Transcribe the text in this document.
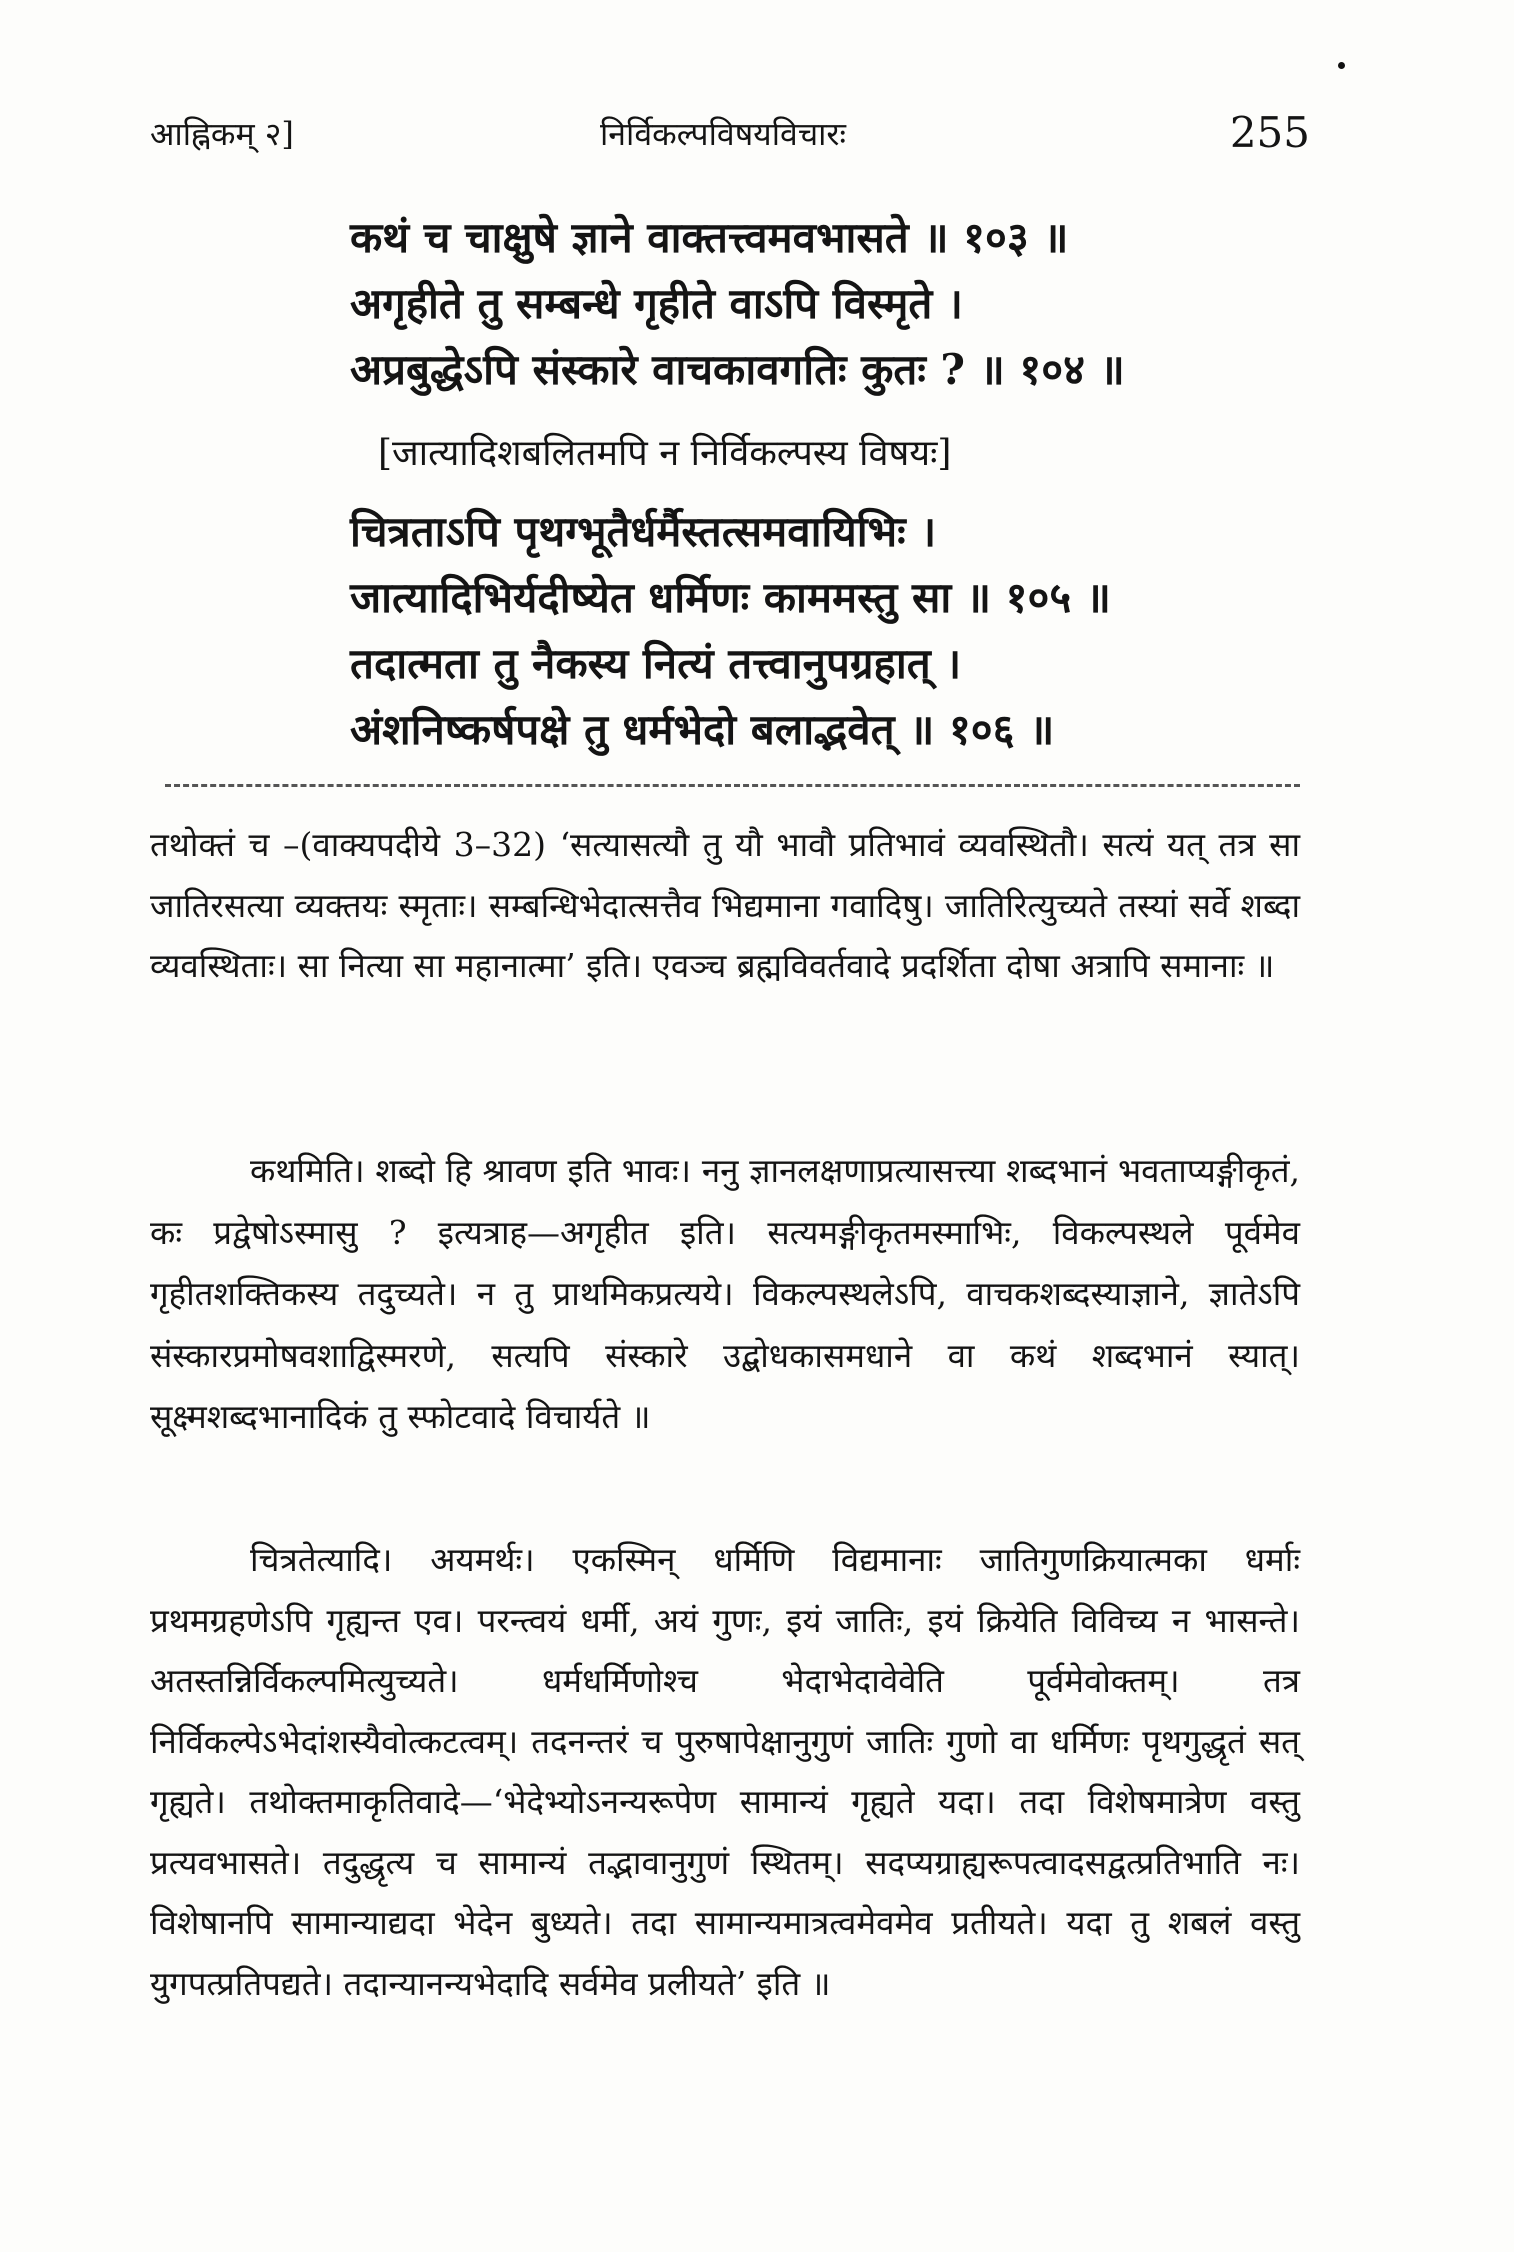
आह्निकम् २]	निर्विकल्पविषयविचारः	255
कथं च चाक्षुषे ज्ञाने वाक्तत्त्वमवभासते ॥ १०३ ॥
अगृहीते तु सम्बन्धे गृहीते वाऽपि विस्मृते ।
अप्रबुद्धेऽपि संस्कारे वाचकावगतिः कुतः ? ॥ १०४ ॥
[जात्यादिशबलितमपि न निर्विकल्पस्य विषयः]
चित्रताऽपि पृथग्भूतैर्धर्मैस्तत्समवायिभिः ।
जात्यादिभिर्यदीष्येत धर्मिणः काममस्तु सा ॥ १०५ ॥
तदात्मता तु नैकस्य नित्यं तत्त्वानुपग्रहात् ।
अंशनिष्कर्षपक्षे तु धर्मभेदो बलाद्भवेत् ॥ १०६ ॥

तथोक्तं च –(वाक्यपदीये 3–32) ‘सत्यासत्यौ तु यौ भावौ प्रतिभावं व्यवस्थितौ। सत्यं यत् तत्र सा जातिरसत्या व्यक्तयः स्मृताः। सम्बन्धिभेदात्सत्तैव भिद्यमाना गवादिषु। जातिरित्युच्यते तस्यां सर्वे शब्दा व्यवस्थिताः। सा नित्या सा महानात्मा’ इति। एवञ्च ब्रह्मविवर्तवादे प्रदर्शिता दोषा अत्रापि समानाः ॥

कथमिति। शब्दो हि श्रावण इति भावः। ननु ज्ञानलक्षणाप्रत्यासत्त्या शब्दभानं भवताप्यङ्गीकृतं, कः प्रद्वेषोऽस्मासु ? इत्यत्राह—अगृहीत इति। सत्यमङ्गीकृतमस्माभिः, विकल्पस्थले पूर्वमेव गृहीतशक्तिकस्य तदुच्यते। न तु प्राथमिकप्रत्यये। विकल्पस्थलेऽपि, वाचकशब्दस्याज्ञाने, ज्ञातेऽपि संस्कारप्रमोषवशाद्विस्मरणे, सत्यपि संस्कारे उद्बोधकासमधाने वा कथं शब्दभानं स्यात्। सूक्ष्मशब्दभानादिकं तु स्फोटवादे विचार्यते ॥

चित्रतेत्यादि। अयमर्थः। एकस्मिन् धर्मिणि विद्यमानाः जातिगुणक्रियात्मका धर्माः प्रथमग्रहणेऽपि गृह्यन्त एव। परन्त्वयं धर्मी, अयं गुणः, इयं जातिः, इयं क्रियेति विविच्य न भासन्ते। अतस्तन्निर्विकल्पमित्युच्यते। धर्मधर्मिणोश्च भेदाभेदावेवेति पूर्वमेवोक्तम्। तत्र निर्विकल्पेऽभेदांशस्यैवोत्कटत्वम्। तदनन्तरं च पुरुषापेक्षानुगुणं जातिः गुणो वा धर्मिणः पृथगुद्धृतं सत् गृह्यते। तथोक्तमाकृतिवादे—‘भेदेभ्योऽनन्यरूपेण सामान्यं गृह्यते यदा। तदा विशेषमात्रेण वस्तु प्रत्यवभासते। तदुद्धृत्य च सामान्यं तद्भावानुगुणं स्थितम्। सदप्यग्राह्यरूपत्वादसद्वत्प्रतिभाति नः। विशेषानपि सामान्याद्यदा भेदेन बुध्यते। तदा सामान्यमात्रत्वमेवमेव प्रतीयते। यदा तु शबलं वस्तु युगपत्प्रतिपद्यते। तदान्यानन्यभेदादि सर्वमेव प्रलीयते’ इति ॥
